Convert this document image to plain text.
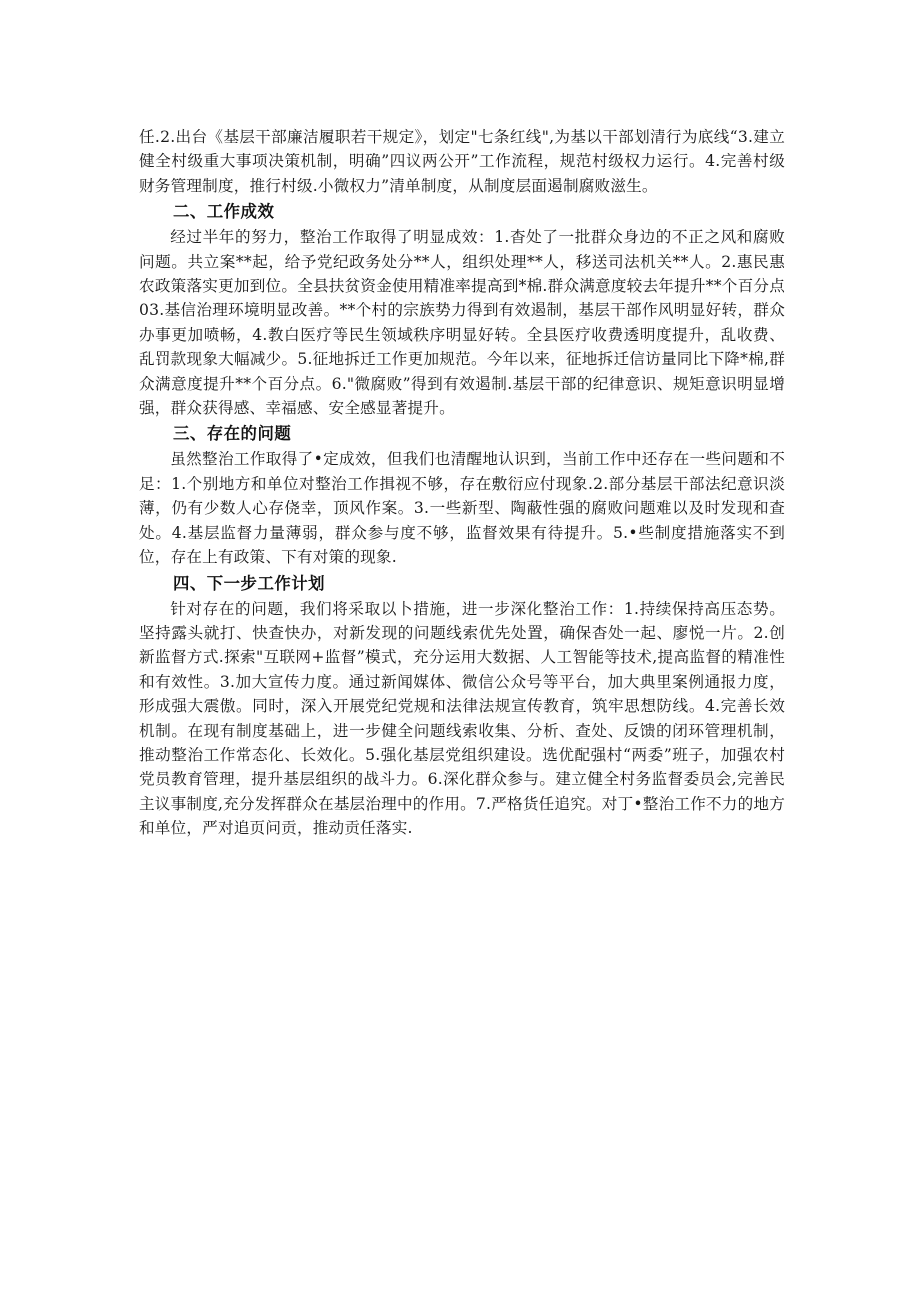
任.2.出台《基层干部廉洁履职若干规定》，划定"七条红线",为基以干部划清行为底线“3.建立健全村级重大事项决策机制，明确”四议两公开”工作流程，规范村级权力运行。4.完善村级财务管理制度，推行村级.小微权力”清单制度，从制度层面遏制腐败滋生。

二、工作成效

经过半年的努力，整治工作取得了明显成效：1.杳处了一批群众身边的不正之风和腐败问题。共立案**起，给予党纪政务处分**人，组织处理**人，移送司法机关**人。2.惠民惠农政策落实更加到位。全县扶贫资金使用精准率提高到*棉.群众满意度较去年提升**个百分点03.基信治理环境明显改善。**个村的宗族势力得到有效遏制，基层干部作风明显好转，群众办事更加喷畅，4.教白医疗等民生领域秩序明显好转。全县医疗收费透明度提升，乱收费、乱罚款现象大幅减少。5.征地拆迁工作更加规范。今年以来，征地拆迁信访量同比下降*棉,群众满意度提升**个百分点。6."微腐败”得到有效遏制.基层干部的纪律意识、规矩意识明显增强，群众获得感、幸福感、安全感显著提升。

三、存在的问题

虽然整治工作取得了•定成效，但我们也清醒地认识到，当前工作中还存在一些问题和不足：1.个别地方和单位对整治工作揖视不够，存在敷衍应付现象.2.部分基层干部法纪意识淡薄，仍有少数人心存侥幸，顶风作案。3.一些新型、陶蔽性强的腐败问题难以及时发现和查处。4.基层监督力量薄弱，群众参与度不够，监督效果有待提升。5.•些制度措施落实不到位，存在上有政策、下有对策的现象.

四、下一步工作计划

针对存在的问题，我们将采取以卜措施，进一步深化整治工作：1.持续保持高压态势。坚持露头就打、快查快办，对新发现的问题线索优先处置，确保杳处一起、廖悦一片。2.创新监督方式.探索"互联网+监督”模式，充分运用大数据、人工智能等技术,提高监督的精准性和有效性。3.加大宣传力度。通过新闻媒体、微信公众号等平台，加大典里案例通报力度，形成强大震傲。同时，深入开展党纪党规和法律法规宣传教育，筑牢思想防线。4.完善长效机制。在现有制度基础上，进一步健全问题线索收集、分析、查处、反馈的闭环管理机制，推动整治工作常态化、长效化。5.强化基层党组织建设。选优配强村“两委”班子，加强农村党员教育管理，提升基层组织的战斗力。6.深化群众参与。建立健全村务监督委员会,完善民主议事制度,充分发挥群众在基层治理中的作用。7.严格货任追究。对丁•整治工作不力的地方和单位，严对追页问贡，推动贡任落实.
